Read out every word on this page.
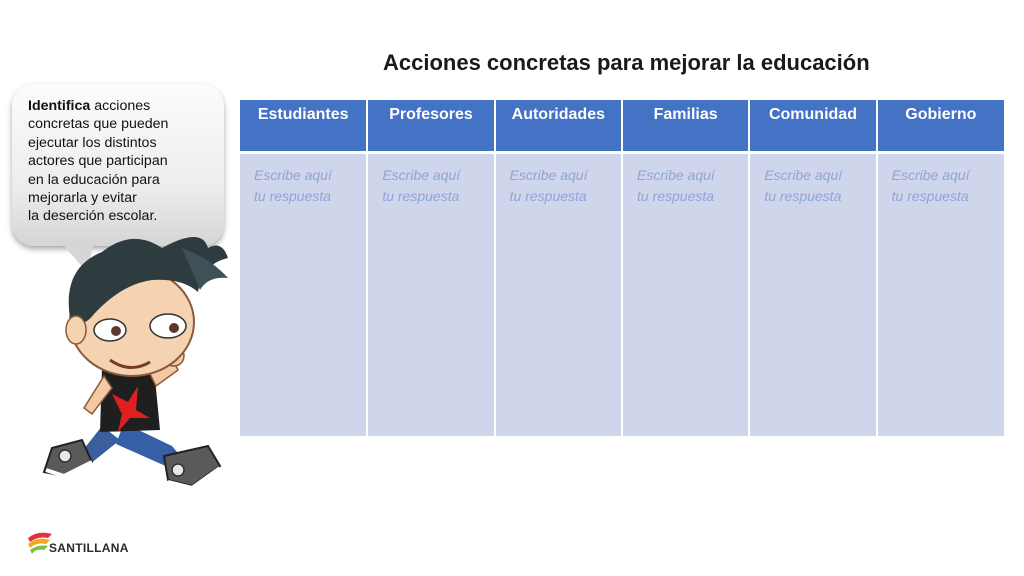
Acciones concretas para mejorar la educación
Identifica acciones
concretas que pueden
ejecutar los distintos
actores que participan
en la educación para
mejorarla y evitar
la deserción escolar.
Estudiantes	Profesores	Autoridades	Familias	Comunidad	Gobierno

Escribe aquí
tu respuesta	Escribe aquí
tu respuesta	Escribe aquí
tu respuesta	Escribe aquí
tu respuesta	Escribe aquí
tu respuesta	Escribe aquí
tu respuesta
SANTILLANA
